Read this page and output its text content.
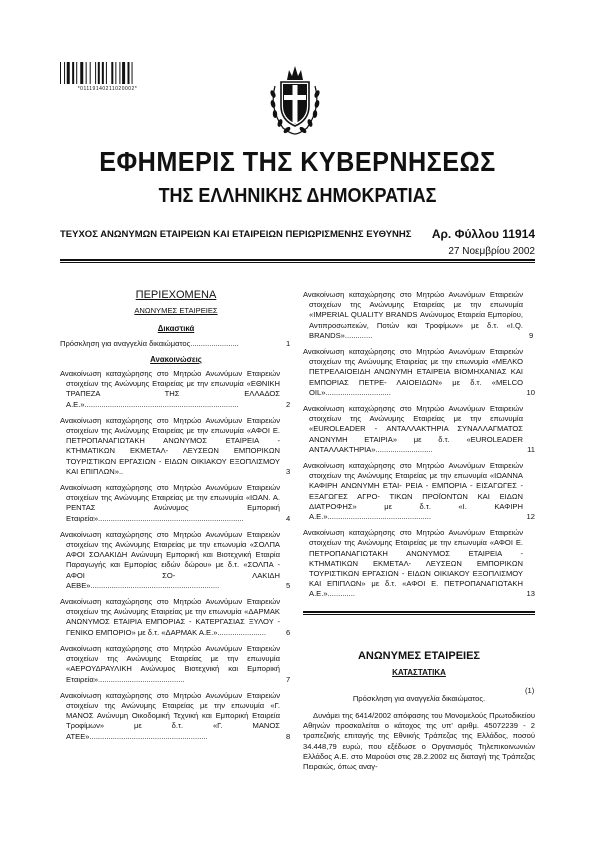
*01119140211020002*
ΕΦΗΜΕΡΙΣ ΤΗΣ ΚΥΒΕΡΝΗΣΕΩΣ
ΤΗΣ ΕΛΛΗΝΙΚΗΣ ΔΗΜΟΚΡΑΤΙΑΣ
ΤΕΥΧΟΣ ΑΝΩΝΥΜΩΝ ΕΤΑΙΡΕΙΩΝ ΚΑΙ ΕΤΑΙΡΕΙΩΝ ΠΕΡΙΩΡΙΣΜΕΝΗΣ ΕΥΘΥΝΗΣ Αρ. Φύλλου 11914
27 Νοεμβρίου 2002
ΠΕΡΙΕΧΟΜΕΝΑ
ΑΝΩΝΥΜΕΣ ΕΤΑΙΡΕΙΕΣ
Δικαστικά
Πρόσκληση για αναγγελία δικαιώματος.......................	1
Ανακοινώσεις
Ανακοίνωση καταχώρησης στο Μητρώο Ανωνύμων Εταιρειών στοιχείων της Ανώνυμης Εταιρείας με την επωνυμία «ΕΘΝΙΚΗ ΤΡΑΠΕΖΑ ΤΗΣ ΕΛΛΑΔΟΣ Α.Ε.».........................................................................	2
Ανακοίνωση καταχώρησης στο Μητρώο Ανωνύμων Εταιρειών στοιχείων της Ανώνυμης Εταιρείας με την επωνυμία «ΑΦΟΙ Ε. ΠΕΤΡΟΠΑΝΑΓΙΩΤΑΚΗ ΑΝΩΝΥΜΟΣ ΕΤΑΙΡΕΙΑ - ΚΤΗΜΑΤΙΚΩΝ ΕΚΜΕΤΑΛ- ΛΕΥΣΕΩΝ ΕΜΠΟΡΙΚΩΝ ΤΟΥΡΙΣΤΙΚΩΝ ΕΡΓΑΣΙΩΝ - ΕΙΔΩΝ ΟΙΚΙΑΚΟΥ ΕΞΟΠΛΙΣΜΟΥ ΚΑΙ ΕΠΙΠΛΩΝ»..	3
Ανακοίνωση καταχώρησης στο Μητρώο Ανωνύμων Εταιρειών στοιχείων της Ανώνυμης Εταιρείας με την επωνυμία «ΙΩΑΝ. Α. ΡΕΝΤΑΣ Ανώνυμος Εμπορική Εταιρεία».....................................................................	4
Ανακοίνωση καταχώρησης στο Μητρώο Ανωνύμων Εταιρειών στοιχείων της Ανώνυμης Εταιρείας με την επωνυμία «ΣΟΛΠΑ ΑΦΟΙ ΣΟΛΑΚΙΔΗ Ανώνυμη Εμπορική και Βιοτεχνική Εταιρία Παραγωγής και Εμπορίας ειδών δώρου» με δ.τ. «ΣΟΛΠΑ - ΑΦΟΙ ΣΟ- ΛΑΚΙΔΗ ΑΕΒΕ».............................................................	5
Ανακοίνωση καταχώρησης στο Μητρώο Ανωνύμων Εταιρειών στοιχείων της Ανώνυμης Εταιρείας με την επωνυμία «ΔΑΡΜΑΚ ΑΝΩΝΥΜΟΣ ΕΤΑΙΡΙΑ ΕΜΠΟΡΙΑΣ - ΚΑΤΕΡΓΑΣΙΑΣ ΞΥΛΟΥ - ΓΕΝΙΚΟ ΕΜΠΟΡΙΟ» με δ.τ. «ΔΑΡΜΑΚ Α.Ε.».......................	6
Ανακοίνωση καταχώρησης στο Μητρώο Ανωνύμων Εταιρειών στοιχείων της Ανώνυμης Εταιρείας με την επωνυμία «ΑΕΡΟΥΔΡΑΥΛΙΚΗ Ανώνυμος Βιοτεχνική και Εμπορική Εταιρεία».........................................	7
Ανακοίνωση καταχώρησης στο Μητρώο Ανωνύμων Εταιρειών στοιχείων της Ανώνυμης Εταιρείας με την επωνυμία «Γ. ΜΑΝΟΣ Ανώνυμη Οικοδομική Τεχνική και Εμπορική Εταιρεία Τροφίμων» με δ.τ. «Γ. ΜΑΝΟΣ ΑΤΕΕ»........................................................	8
Ανακοίνωση καταχώρησης στο Μητρώο Ανωνύμων Εταιρειών στοιχείων της Ανώνυμης Εταιρείας με την επωνυμία «IMPERIAL QUALITY BRANDS Ανώνυμος Εταιρεία Εμπορίου, Αντιπροσωπειών, Ποτών και Τροφίμων» με δ.τ. «I.Q. BRANDS».............	9
Ανακοίνωση καταχώρησης στο Μητρώο Ανωνύμων Εταιρειών στοιχείων της Ανώνυμης Εταιρείας με την επωνυμία «ΜΕΛΚΟ ΠΕΤΡΕΛΑΙΟΕΙΔΗ ΑΝΩΝΥΜΗ ΕΤΑΙΡΕΙΑ ΒΙΟΜΗΧΑΝΙΑΣ ΚΑΙ ΕΜΠΟΡΙΑΣ ΠΕΤΡΕ- ΛΑΙΟΕΙΔΩΝ» με δ.τ. «MELCO OIL»...............................	10
Ανακοίνωση καταχώρησης στο Μητρώο Ανωνύμων Εταιρειών στοιχείων της Ανώνυμης Εταιρείας με την επωνυμία «EUROLEADER - ΑΝΤΑΛΛΑΚΤΗΡΙΑ ΣΥΝΑΛΛΑΓΜΑΤΟΣ ΑΝΩΝΥΜΗ ΕΤΑΙΡΙΑ» με δ.τ. «EUROLEADER ΑΝΤΑΛΛΑΚΤΗΡΙΑ»...........................	11
Ανακοίνωση καταχώρησης στο Μητρώο Ανωνύμων Εταιρειών στοιχείων της Ανώνυμης Εταιρείας με την επωνυμία «ΙΩΑΝΝΑ ΚΑΦΙΡΗ ΑΝΩΝΥΜΗ ΕΤΑΙ- ΡΕΙΑ - ΕΜΠΟΡΙΑ - ΕΙΣΑΓΩΓΕΣ - ΕΞΑΓΩΓΕΣ ΑΓΡΟ- ΤΙΚΩΝ ΠΡΟΪΟΝΤΩΝ ΚΑΙ ΕΙΔΩΝ ΔΙΑΤΡΟΦΗΣ» με δ.τ. «Ι. ΚΑΦΙΡΗ Α.Ε.».................................................	12
Ανακοίνωση καταχώρησης στο Μητρώο Ανωνύμων Εταιρειών στοιχείων της Ανώνυμης Εταιρείας με την επωνυμία «ΑΦΟΙ Ε. ΠΕΤΡΟΠΑΝΑΓΙΩΤΑΚΗ ΑΝΩΝΥΜΟΣ ΕΤΑΙΡΕΙΑ - ΚΤΗΜΑΤΙΚΩΝ ΕΚΜΕΤΑΛ- ΛΕΥΣΕΩΝ ΕΜΠΟΡΙΚΩΝ ΤΟΥΡΙΣΤΙΚΩΝ ΕΡΓΑΣΙΩΝ - ΕΙΔΩΝ ΟΙΚΙΑΚΟΥ ΕΞΟΠΛΙΣΜΟΥ ΚΑΙ ΕΠΙΠΛΩΝ» με δ.τ. «ΑΦΟΙ Ε. ΠΕΤΡΟΠΑΝΑΓΙΩΤΑΚΗ Α.Ε.».............	13
ΑΝΩΝΥΜΕΣ ΕΤΑΙΡΕΙΕΣ
ΚΑΤΑΣΤΑΤΙΚΑ
(1)
Πρόσκληση για αναγγελία δικαιώματος.
Δυνάμει της 6414/2002 απόφασης του Μονομελούς Πρωτοδικείου Αθηνών προσκαλείται ο κάτοχος της υπ' αριθμ. 45072239 - 2 τραπεζικής επιταγής της Εθνικής Τράπεζας της Ελλάδος, ποσού 34.448,79 ευρώ, που εξέδωσε ο Οργανισμός Τηλεπικοινωνιών Ελλάδος Α.Ε. στο Μαρούσι στις 28.2.2002 εις διαταγή της Τράπεζας Πειραιώς, όπως αναγ-
